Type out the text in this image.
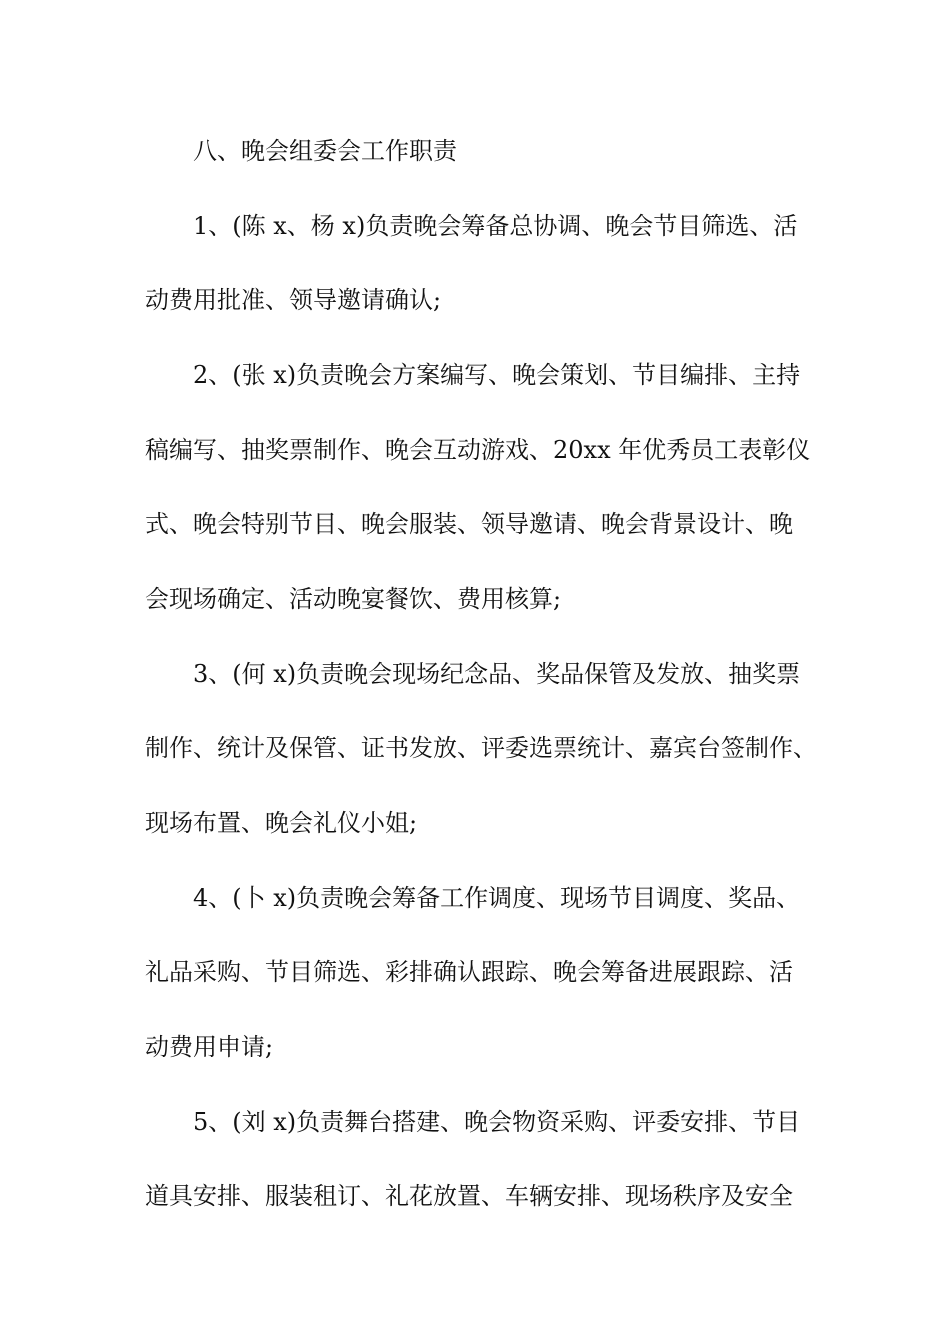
八、晚会组委会工作职责
1、(陈 x、杨 x)负责晚会筹备总协调、晚会节目筛选、活
动费用批准、领导邀请确认;
2、(张 x)负责晚会方案编写、晚会策划、节目编排、主持
稿编写、抽奖票制作、晚会互动游戏、20xx 年优秀员工表彰仪
式、晚会特别节目、晚会服装、领导邀请、晚会背景设计、晚
会现场确定、活动晚宴餐饮、费用核算;
3、(何 x)负责晚会现场纪念品、奖品保管及发放、抽奖票
制作、统计及保管、证书发放、评委选票统计、嘉宾台签制作、
现场布置、晚会礼仪小姐;
4、(卜 x)负责晚会筹备工作调度、现场节目调度、奖品、
礼品采购、节目筛选、彩排确认跟踪、晚会筹备进展跟踪、活
动费用申请;
5、(刘 x)负责舞台搭建、晚会物资采购、评委安排、节目
道具安排、服装租订、礼花放置、车辆安排、现场秩序及安全
